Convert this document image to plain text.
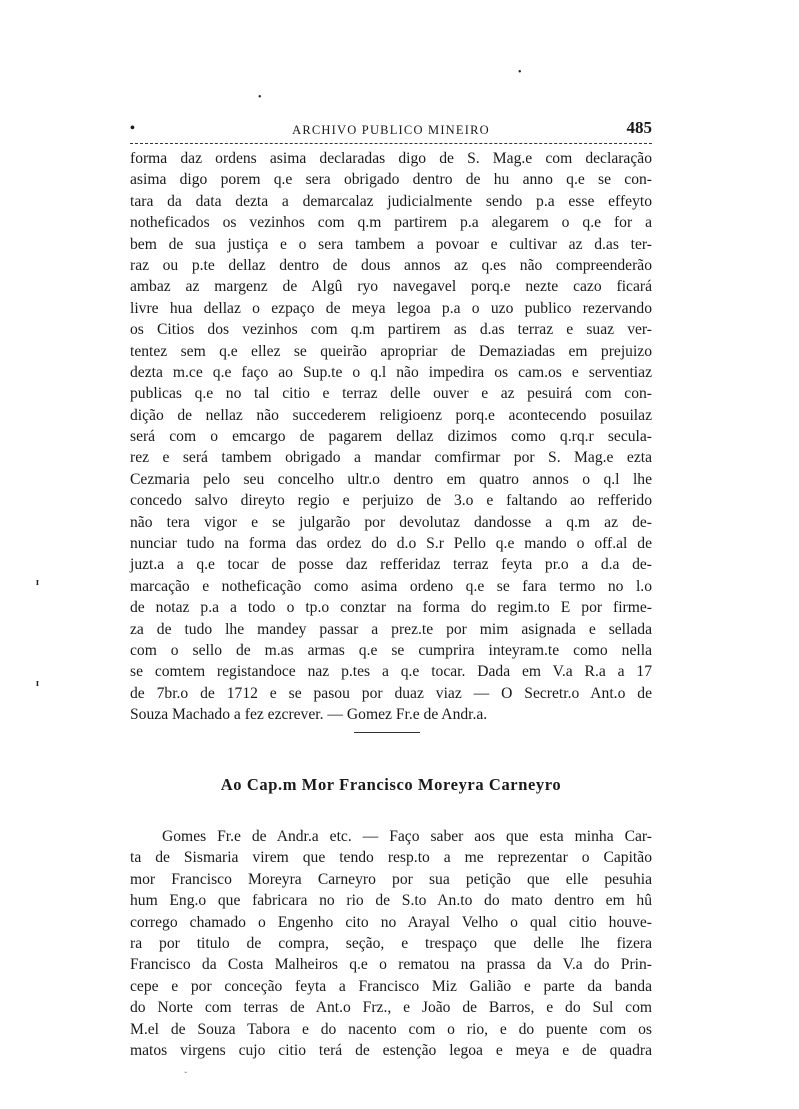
•
•
ɪ
ɪ
ˇ
•	ARCHIVO PUBLICO MINEIRO	485
forma daz ordens asima declaradas digo de S. Mag.e com declaração
asima digo porem q.e sera obrigado dentro de hu anno q.e se con-
tara da data dezta a demarcalaz judicialmente sendo p.a esse effeyto
notheficados os vezinhos com q.m partirem p.a alegarem o q.e for a
bem de sua justiça e o sera tambem a povoar e cultivar az d.as ter-
raz ou p.te dellaz dentro de dous annos az q.es não compreenderão
ambaz az margenz de Algû ryo navegavel porq.e nezte cazo ficará
livre hua dellaz o ezpaço de meya legoa p.a o uzo publico rezervando
os Citios dos vezinhos com q.m partirem as d.as terraz e suaz ver-
tentez sem q.e ellez se queirão apropriar de Demaziadas em prejuizo
dezta m.ce q.e faço ao Sup.te o q.l não impedira os cam.os e serventiaz
publicas q.e no tal citio e terraz delle ouver e az pesuirá com con-
dição de nellaz não succederem religioenz porq.e acontecendo posuilaz
será com o emcargo de pagarem dellaz dizimos como q.rq.r secula-
rez e será tambem obrigado a mandar comfirmar por S. Mag.e ezta
Cezmaria pelo seu concelho ultr.o dentro em quatro annos o q.l lhe
concedo salvo direyto regio e perjuizo de 3.o e faltando ao refferido
não tera vigor e se julgarão por devolutaz dandosse a q.m az de-
nunciar tudo na forma das ordez do d.o S.r Pello q.e mando o off.al de
juzt.a a q.e tocar de posse daz refferidaz terraz feyta pr.o a d.a de-
marcação e notheficação como asima ordeno q.e se fara termo no l.o
de notaz p.a a todo o tp.o conztar na forma do regim.to E por firme-
za de tudo lhe mandey passar a prez.te por mim asignada e sellada
com o sello de m.as armas q.e se cumprira inteyram.te como nella
se comtem registandoce naz p.tes a q.e tocar. Dada em V.a R.a a 17
de 7br.o de 1712 e se pasou por duaz viaz — O Secretr.o Ant.o de
Souza Machado a fez ezcrever. — Gomez Fr.e de Andr.a.
Ao Cap.m Mor Francisco Moreyra Carneyro
Gomes Fr.e de Andr.a etc. — Faço saber aos que esta minha Car-
ta de Sismaria virem que tendo resp.to a me reprezentar o Capitão
mor Francisco Moreyra Carneyro por sua petição que elle pesuhia
hum Eng.o que fabricara no rio de S.to An.to do mato dentro em hû
corrego chamado o Engenho cito no Arayal Velho o qual citio houve-
ra por titulo de compra, seção, e trespaço que delle lhe fizera
Francisco da Costa Malheiros q.e o rematou na prassa da V.a do Prin-
cepe e por conceção feyta a Francisco Miz Galião e parte da banda
do Norte com terras de Ant.o Frz., e João de Barros, e do Sul com
M.el de Souza Tabora e do nacento com o rio, e do puente com os
matos virgens cujo citio terá de estenção legoa e meya e de quadra
